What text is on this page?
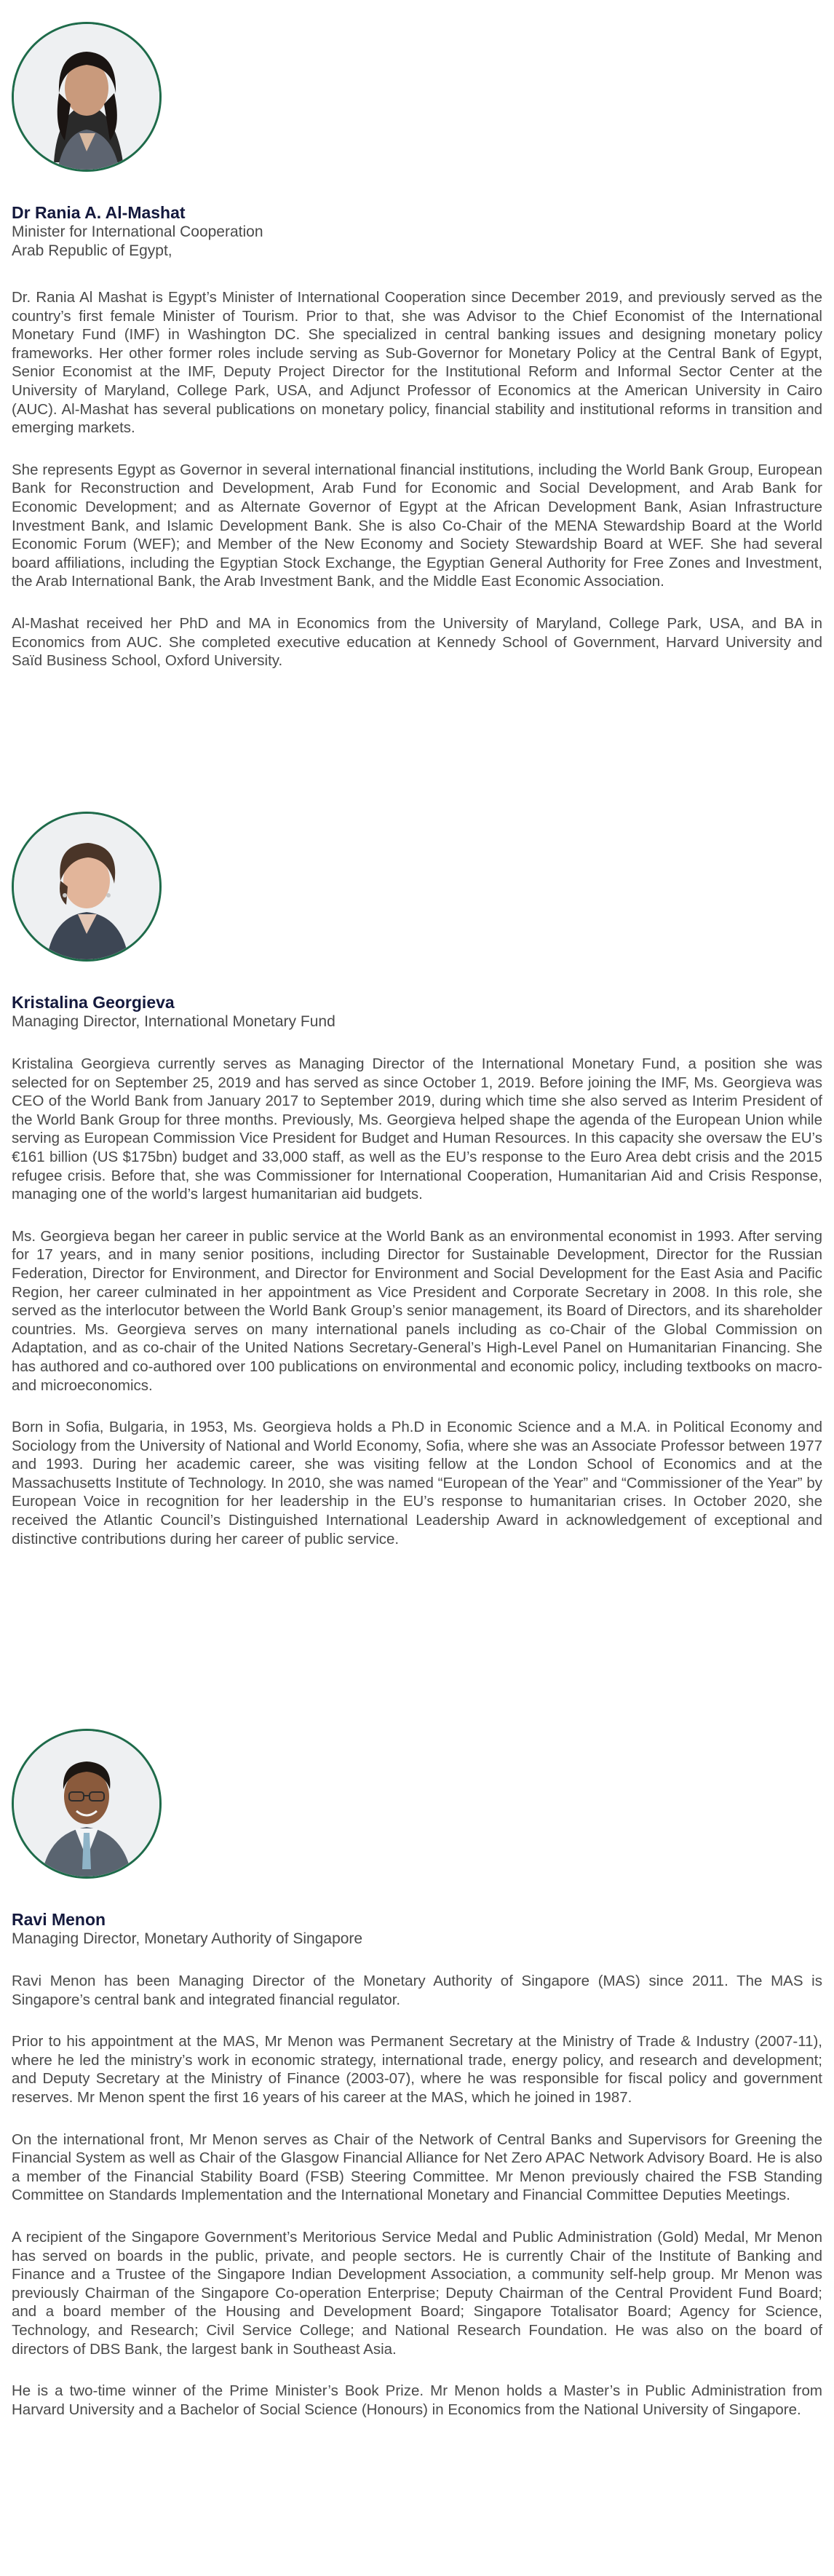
Dr Rania A. Al-Mashat
Minister for International Cooperation
Arab Republic of Egypt,

Dr. Rania Al Mashat is Egypt’s Minister of International Cooperation since December 2019, and previously served as the country’s first female Minister of Tourism. Prior to that, she was Advisor to the Chief Economist of the International Monetary Fund (IMF) in Washington DC. She specialized in central banking issues and designing monetary policy frameworks. Her other former roles include serving as Sub-Governor for Monetary Policy at the Central Bank of Egypt, Senior Economist at the IMF, Deputy Project Director for the Institutional Reform and Informal Sector Center at the University of Maryland, College Park, USA, and Adjunct Professor of Economics at the American University in Cairo (AUC). Al-Mashat has several publications on monetary policy, financial stability and institutional reforms in transition and emerging markets.

She represents Egypt as Governor in several international financial institutions, including the World Bank Group, European Bank for Reconstruction and Development, Arab Fund for Economic and Social Development, and Arab Bank for Economic Development; and as Alternate Governor of Egypt at the African Development Bank, Asian Infrastructure Investment Bank, and Islamic Development Bank. She is also Co-Chair of the MENA Stewardship Board at the World Economic Forum (WEF); and Member of the New Economy and Society Stewardship Board at WEF. She had several board affiliations, including the Egyptian Stock Exchange, the Egyptian General Authority for Free Zones and Investment, the Arab International Bank, the Arab Investment Bank, and the Middle East Economic Association.

Al-Mashat received her PhD and MA in Economics from the University of Maryland, College Park, USA, and BA in Economics from AUC. She completed executive education at Kennedy School of Government, Harvard University and Saïd Business School, Oxford University.

Kristalina Georgieva
Managing Director, International Monetary Fund

Kristalina Georgieva currently serves as Managing Director of the International Monetary Fund, a position she was selected for on September 25, 2019 and has served as since October 1, 2019. Before joining the IMF, Ms. Georgieva was CEO of the World Bank from January 2017 to September 2019, during which time she also served as Interim President of the World Bank Group for three months. Previously, Ms. Georgieva helped shape the agenda of the European Union while serving as European Commission Vice President for Budget and Human Resources. In this capacity she oversaw the EU’s €161 billion (US $175bn) budget and 33,000 staff, as well as the EU’s response to the Euro Area debt crisis and the 2015 refugee crisis. Before that, she was Commissioner for International Cooperation, Humanitarian Aid and Crisis Response, managing one of the world’s largest humanitarian aid budgets.

Ms. Georgieva began her career in public service at the World Bank as an environmental economist in 1993. After serving for 17 years, and in many senior positions, including Director for Sustainable Development, Director for the Russian Federation, Director for Environment, and Director for Environment and Social Development for the East Asia and Pacific Region, her career culminated in her appointment as Vice President and Corporate Secretary in 2008. In this role, she served as the interlocutor between the World Bank Group’s senior management, its Board of Directors, and its shareholder countries. Ms. Georgieva serves on many international panels including as co-Chair of the Global Commission on Adaptation, and as co-chair of the United Nations Secretary-General’s High-Level Panel on Humanitarian Financing. She has authored and co-authored over 100 publications on environmental and economic policy, including textbooks on macro- and microeconomics.

Born in Sofia, Bulgaria, in 1953, Ms. Georgieva holds a Ph.D in Economic Science and a M.A. in Political Economy and Sociology from the University of National and World Economy, Sofia, where she was an Associate Professor between 1977 and 1993. During her academic career, she was visiting fellow at the London School of Economics and at the Massachusetts Institute of Technology. In 2010, she was named “European of the Year” and “Commissioner of the Year” by European Voice in recognition for her leadership in the EU’s response to humanitarian crises. In October 2020, she received the Atlantic Council’s Distinguished International Leadership Award in acknowledgement of exceptional and distinctive contributions during her career of public service.

Ravi Menon
Managing Director, Monetary Authority of Singapore

Ravi Menon has been Managing Director of the Monetary Authority of Singapore (MAS) since 2011. The MAS is Singapore’s central bank and integrated financial regulator.

Prior to his appointment at the MAS, Mr Menon was Permanent Secretary at the Ministry of Trade & Industry (2007-11), where he led the ministry’s work in economic strategy, international trade, energy policy, and research and development; and Deputy Secretary at the Ministry of Finance (2003-07), where he was responsible for fiscal policy and government reserves. Mr Menon spent the first 16 years of his career at the MAS, which he joined in 1987.

On the international front, Mr Menon serves as Chair of the Network of Central Banks and Supervisors for Greening the Financial System as well as Chair of the Glasgow Financial Alliance for Net Zero APAC Network Advisory Board. He is also a member of the Financial Stability Board (FSB) Steering Committee. Mr Menon previously chaired the FSB Standing Committee on Standards Implementation and the International Monetary and Financial Committee Deputies Meetings.

A recipient of the Singapore Government’s Meritorious Service Medal and Public Administration (Gold) Medal, Mr Menon has served on boards in the public, private, and people sectors. He is currently Chair of the Institute of Banking and Finance and a Trustee of the Singapore Indian Development Association, a community self-help group. Mr Menon was previously Chairman of the Singapore Co-operation Enterprise; Deputy Chairman of the Central Provident Fund Board; and a board member of the Housing and Development Board; Singapore Totalisator Board; Agency for Science, Technology, and Research; Civil Service College; and National Research Foundation. He was also on the board of directors of DBS Bank, the largest bank in Southeast Asia.

He is a two-time winner of the Prime Minister’s Book Prize. Mr Menon holds a Master’s in Public Administration from Harvard University and a Bachelor of Social Science (Honours) in Economics from the National University of Singapore.
